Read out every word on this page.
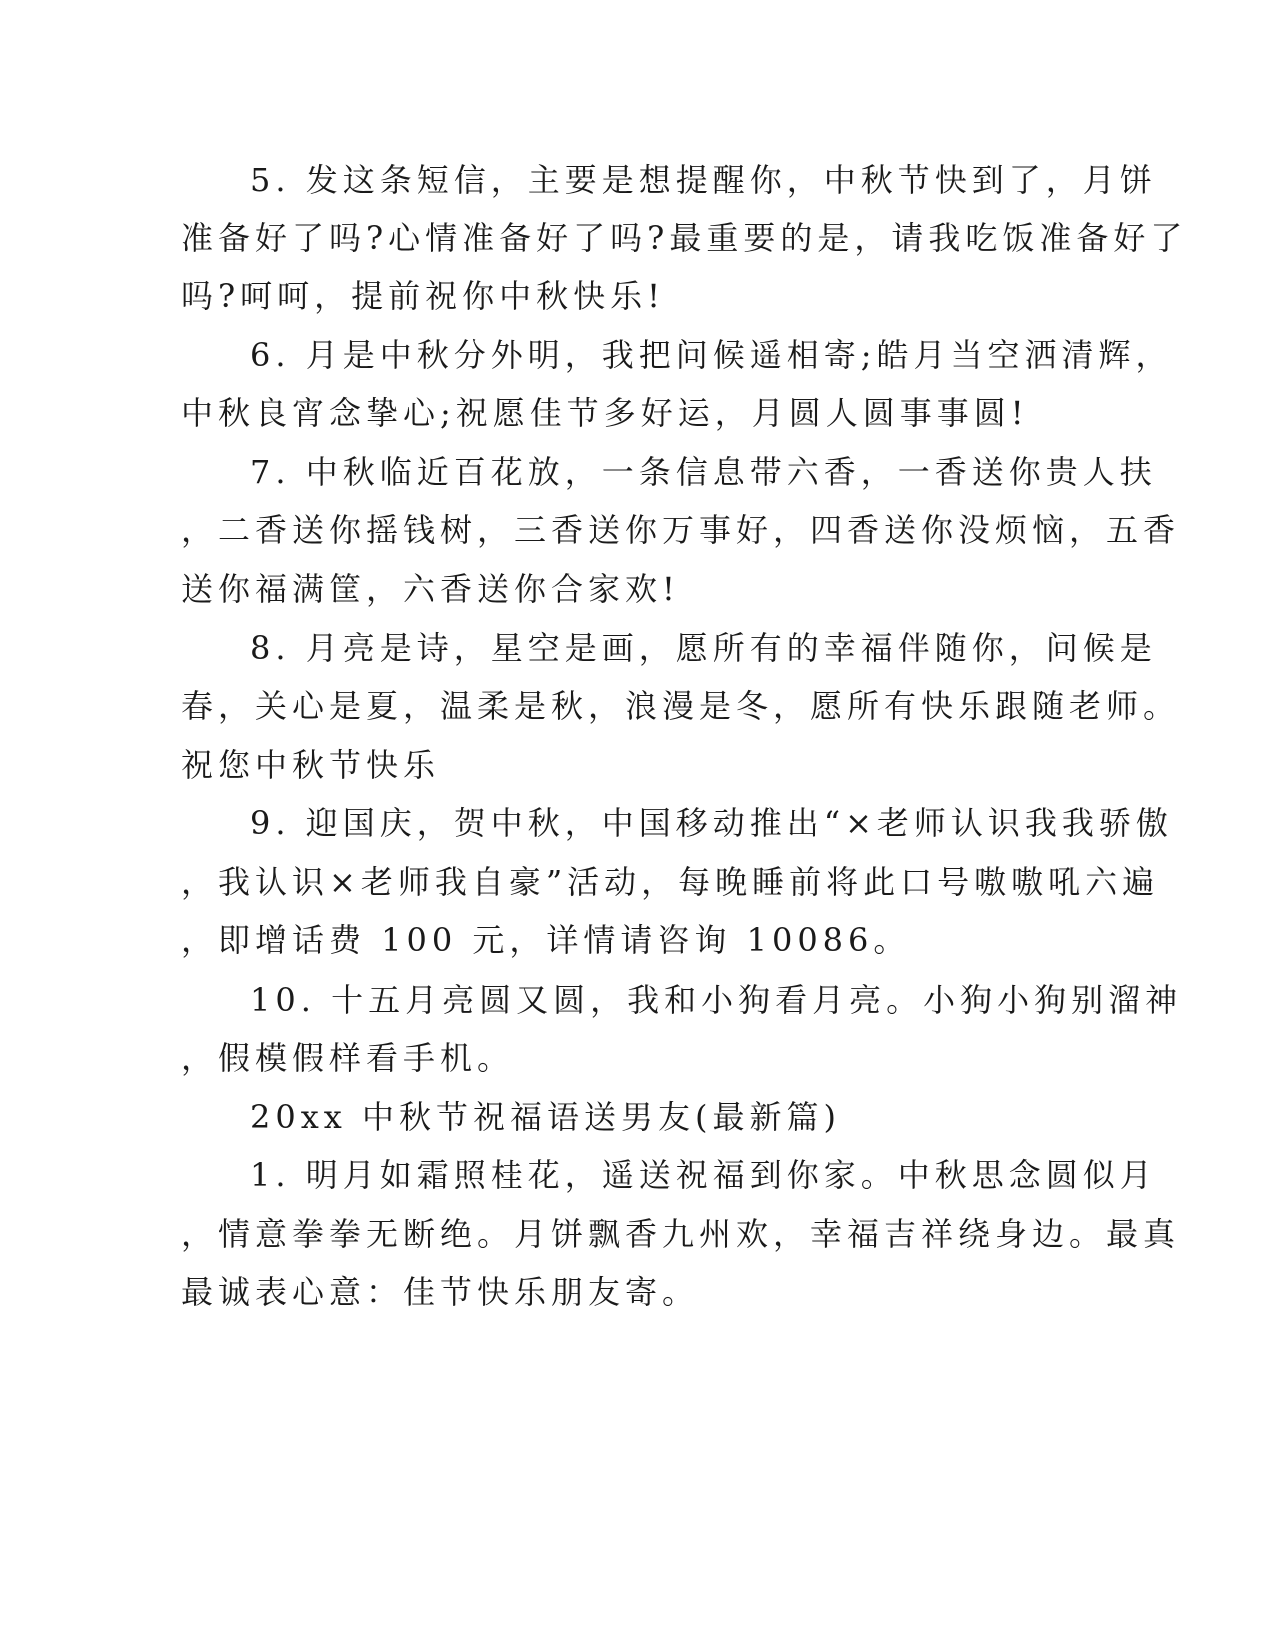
5. 发这条短信，主要是想提醒你，中秋节快到了，月饼
准备好了吗?心情准备好了吗?最重要的是，请我吃饭准备好了
吗?呵呵，提前祝你中秋快乐!
6. 月是中秋分外明，我把问候遥相寄;皓月当空洒清辉，
中秋良宵念挚心;祝愿佳节多好运，月圆人圆事事圆!
7. 中秋临近百花放，一条信息带六香，一香送你贵人扶
，二香送你摇钱树，三香送你万事好，四香送你没烦恼，五香
送你福满筐，六香送你合家欢!
8. 月亮是诗，星空是画，愿所有的幸福伴随你，问候是
春，关心是夏，温柔是秋，浪漫是冬，愿所有快乐跟随老师。
祝您中秋节快乐
9. 迎国庆，贺中秋，中国移动推出“×老师认识我我骄傲
，我认识×老师我自豪”活动，每晚睡前将此口号嗷嗷吼六遍
，即增话费 100 元，详情请咨询 10086。
10. 十五月亮圆又圆，我和小狗看月亮。小狗小狗别溜神
，假模假样看手机。
20xx 中秋节祝福语送男友(最新篇)
1. 明月如霜照桂花，遥送祝福到你家。中秋思念圆似月
，情意拳拳无断绝。月饼飘香九州欢，幸福吉祥绕身边。最真
最诚表心意：佳节快乐朋友寄。
